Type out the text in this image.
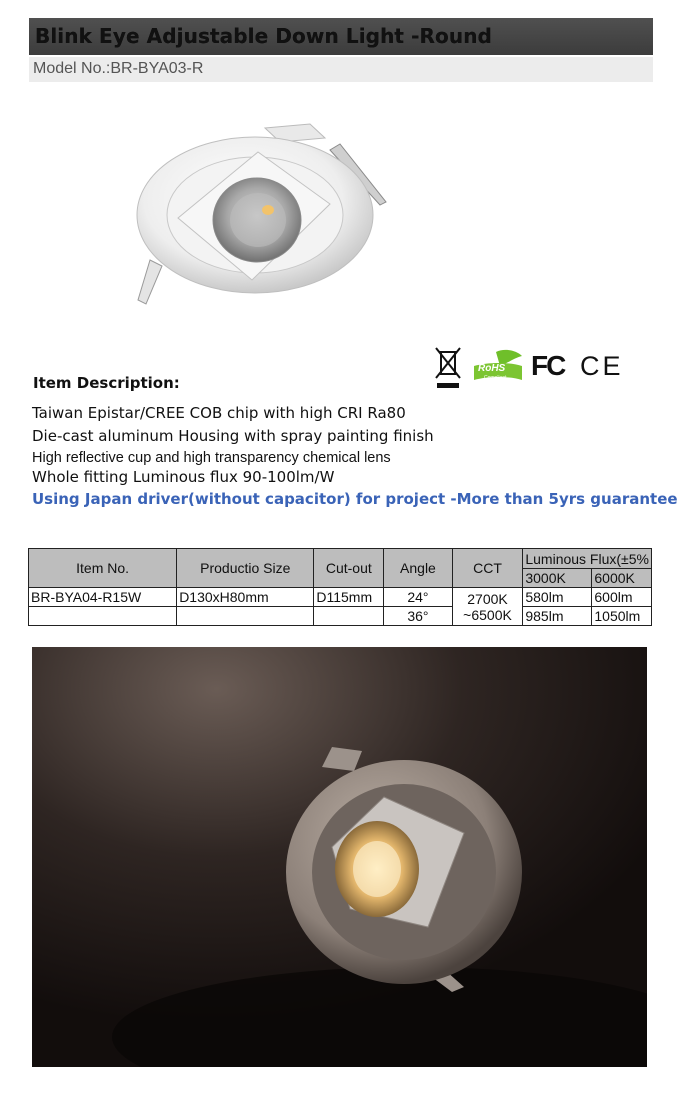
Blink Eye Adjustable Down Light -Round
Model No.:BR-BYA03-R
RoHS
Compliant FC CE
Item Description:
Taiwan Epistar/CREE COB chip with high CRI Ra80
Die-cast aluminum Housing with spray painting finish
High reflective cup and high transparency chemical lens
Whole fitting Luminous flux 90-100lm/W
Using Japan driver(without capacitor) for project -More than 5yrs guarantee
Item No.	Productio Size	Cut-out	Angle	CCT	Luminous Flux(±5%	
					3000K	6000K
BR-BYA04-R15W	D130xH80mm	D115mm	24°	2700K	580lm	600lm
			36°	~6500K	985lm	1050lm
